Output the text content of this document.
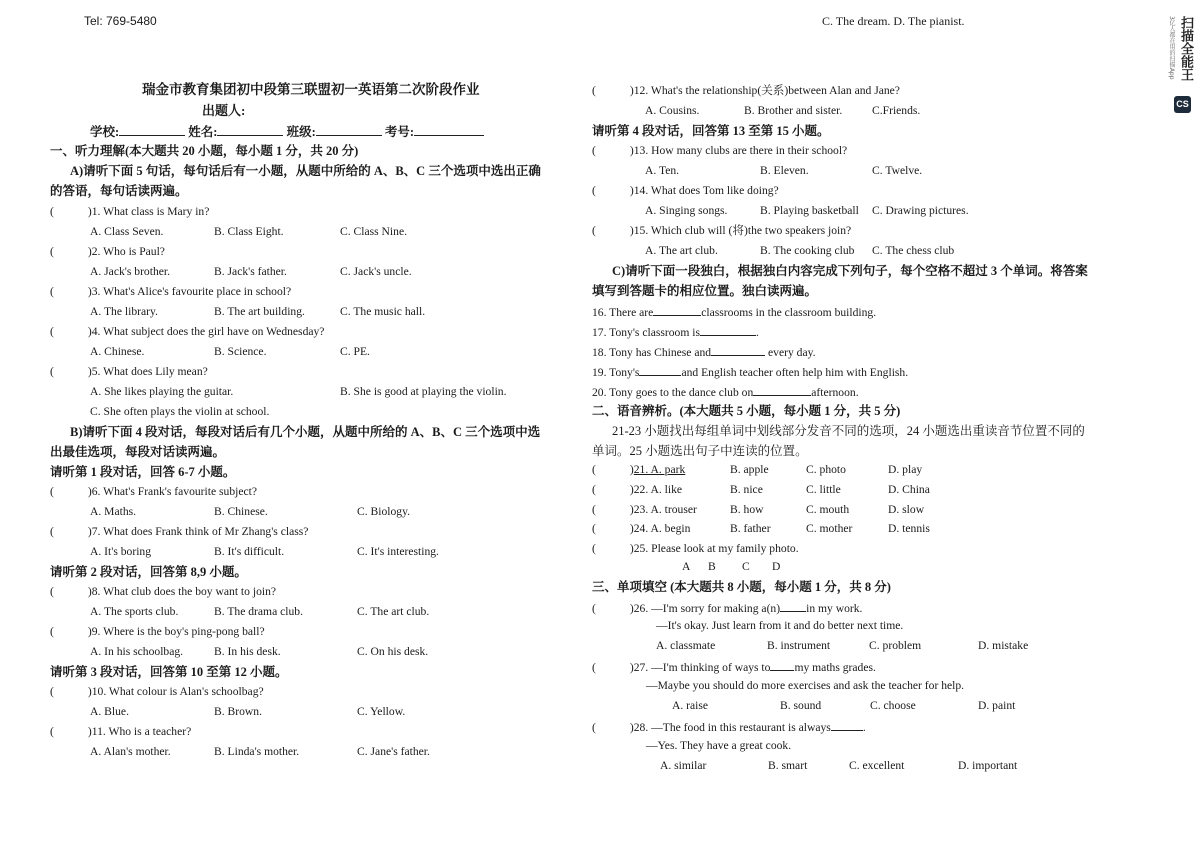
Tel: 769-5480
瑞金市教育集团初中段第三联盟初一英语第二次阶段作业
出题人:
学校:	姓名:	班级:	考号:
一、听力理解(本大题共 20 小题，每小题 1 分，共 20 分)
A)请听下面 5 句话，每句话后有一小题，从题中所给的 A、B、C 三个选项中选出正确
的答语，每句话读两遍。
(	)1. What class is Mary in?
A. Class Seven.	B. Class Eight.	C. Class Nine.
(	)2. Who is Paul?
A. Jack's brother.	B. Jack's father.	C. Jack's uncle.
(	)3. What's Alice's favourite place in school?
A. The library.	B. The art building.	C. The music hall.
(	)4. What subject does the girl have on Wednesday?
A. Chinese.	B. Science.	C. PE.
(	)5. What does Lily mean?
A. She likes playing the guitar.	B. She is good at playing the violin.
C. She often plays the violin at school.
B)请听下面 4 段对话，每段对话后有几个小题，从题中所给的 A、B、C 三个选项中选
出最佳选项，每段对话读两遍。
请听第 1 段对话，回答 6-7 小题。
(	)6. What's Frank's favourite subject?
A. Maths.	B. Chinese.	C. Biology.
(	)7. What does Frank think of Mr Zhang's class?
A. It's boring	B. It's difficult.	C. It's interesting.
请听第 2 段对话，回答第 8,9 小题。
(	)8. What club does the boy want to join?
A. The sports club.	B. The drama club.	C. The art club.
(	)9. Where is the boy's ping-pong ball?
A. In his schoolbag.	B. In his desk.	C. On his desk.
请听第 3 段对话，回答第 10 至第 12 小题。
(	)10. What colour is Alan's schoolbag?
A. Blue.	B. Brown.	C. Yellow.
(	)11. Who is a teacher?
A. Alan's mother.	B. Linda's mother.	C. Jane's father.
C. The dream. D. The pianist.
(	)12. What's the relationship(关系)between Alan and Jane?
A. Cousins.	B. Brother and sister.	C.Friends.
请听第 4 段对话，回答第 13 至第 15 小题。
(	)13. How many clubs are there in their school?
A. Ten.	B. Eleven.	C. Twelve.
(	)14. What does Tom like doing?
A. Singing songs.	B. Playing basketball C. Drawing pictures.
(	)15. Which club will (将)the two speakers join?
A. The art club.	B. The cooking club C. The chess club
C)请听下面一段独白，根据独白内容完成下列句子，每个空格不超过 3 个单词。将答案
填写到答题卡的相应位置。独白读两遍。
16. There are	classrooms in the classroom building.
17. Tony's classroom is	.
18. Tony has Chinese and	every day.
19. Tony's	and English teacher often help him with English.
20. Tony goes to the dance club on	afternoon.
二、语音辨析。(本大题共 5 小题，每小题 1 分，共 5 分)
21-23 小题找出每组单词中划线部分发音不同的选项，24 小题选出重读音节位置不同的
单词。25 小题选出句子中连读的位置。
(	)21. A. park	B. apple	C. photo	D. play
(	)22. A. like	B. nice	C. little	D. China
(	)23. A. trouser	B. how	C. mouth	D. slow
(	)24. A. begin	B. father	C. mother	D. tennis
(	)25. Please look at my family photo.
A B C D
三、单项填空 (本大题共 8 小题，每小题 1 分，共 8 分)
(	)26. —I'm sorry for making a(n) in my work.
—It's okay. Just learn from it and do better next time.
A. classmate	B. instrument	C. problem	D. mistake
(	)27. —I'm thinking of ways to my maths grades.
—Maybe you should do more exercises and ask the teacher for help.
A. raise	B. sound	C. choose	D. paint
(	)28. —The food in this restaurant is always	.
—Yes. They have a great cook.
A. similar	B. smart	C. excellent	D. important
扫描全能王
CS
3亿人都在用的扫描App
